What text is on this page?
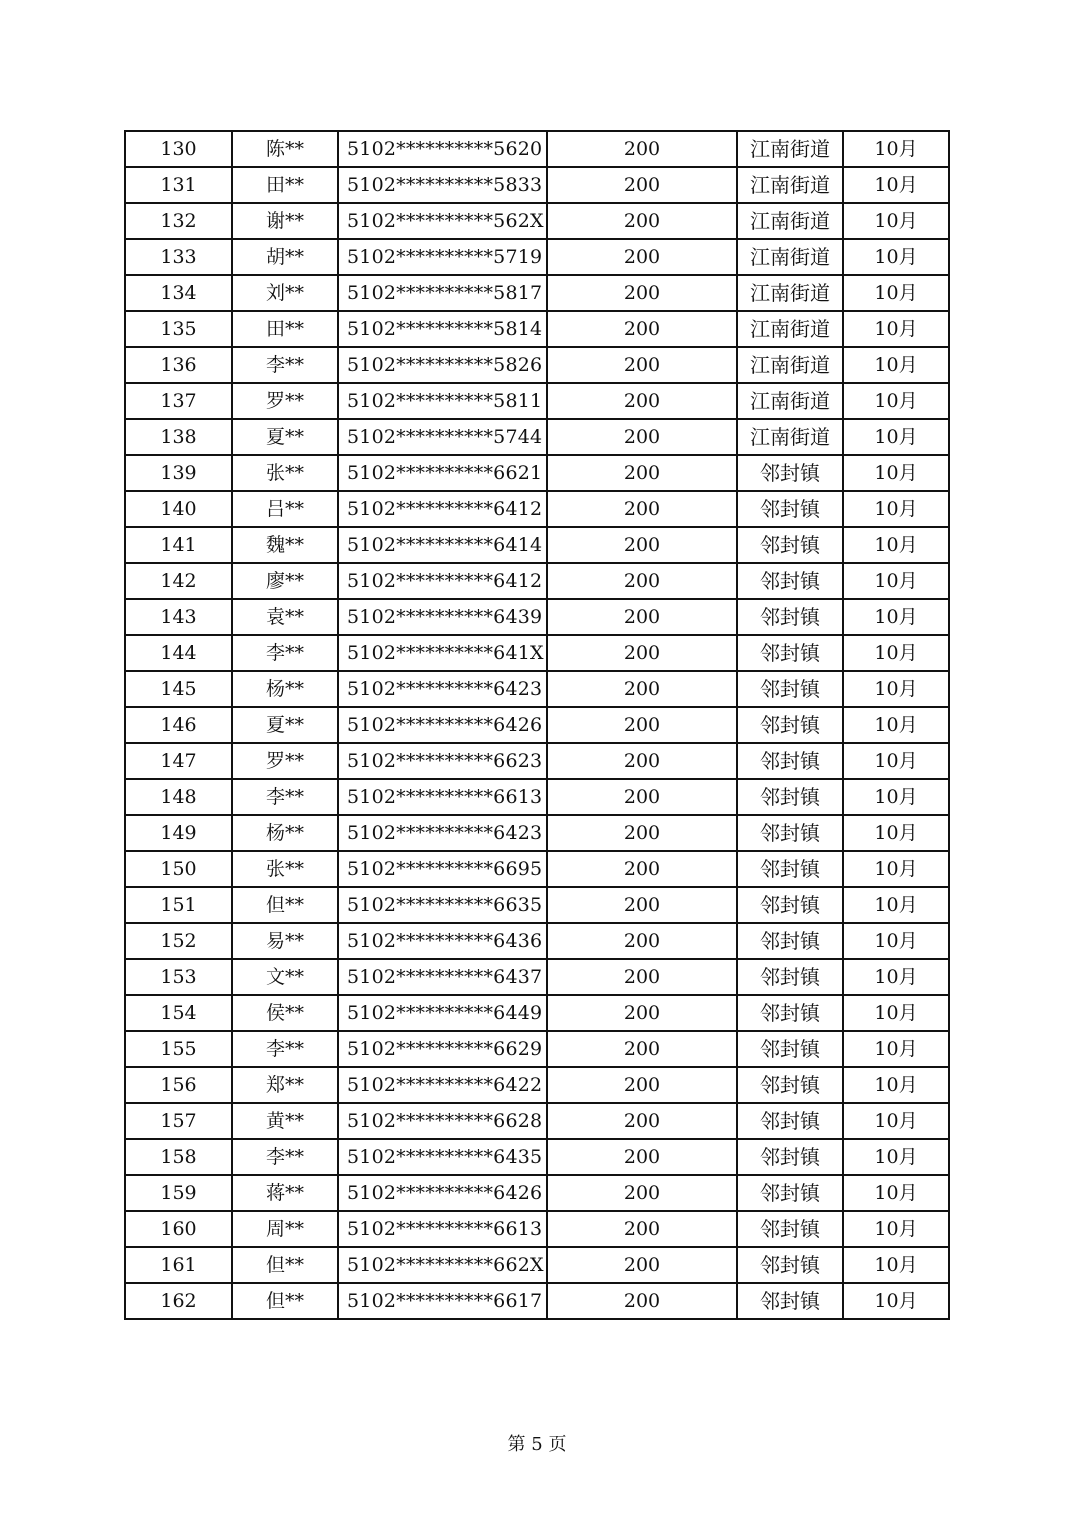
130	陈**	5102**********5620	200	江南街道	10月
131	田**	5102**********5833	200	江南街道	10月
132	谢**	5102**********562X	200	江南街道	10月
133	胡**	5102**********5719	200	江南街道	10月
134	刘**	5102**********5817	200	江南街道	10月
135	田**	5102**********5814	200	江南街道	10月
136	李**	5102**********5826	200	江南街道	10月
137	罗**	5102**********5811	200	江南街道	10月
138	夏**	5102**********5744	200	江南街道	10月
139	张**	5102**********6621	200	邻封镇	10月
140	吕**	5102**********6412	200	邻封镇	10月
141	魏**	5102**********6414	200	邻封镇	10月
142	廖**	5102**********6412	200	邻封镇	10月
143	袁**	5102**********6439	200	邻封镇	10月
144	李**	5102**********641X	200	邻封镇	10月
145	杨**	5102**********6423	200	邻封镇	10月
146	夏**	5102**********6426	200	邻封镇	10月
147	罗**	5102**********6623	200	邻封镇	10月
148	李**	5102**********6613	200	邻封镇	10月
149	杨**	5102**********6423	200	邻封镇	10月
150	张**	5102**********6695	200	邻封镇	10月
151	但**	5102**********6635	200	邻封镇	10月
152	易**	5102**********6436	200	邻封镇	10月
153	文**	5102**********6437	200	邻封镇	10月
154	侯**	5102**********6449	200	邻封镇	10月
155	李**	5102**********6629	200	邻封镇	10月
156	郑**	5102**********6422	200	邻封镇	10月
157	黄**	5102**********6628	200	邻封镇	10月
158	李**	5102**********6435	200	邻封镇	10月
159	蒋**	5102**********6426	200	邻封镇	10月
160	周**	5102**********6613	200	邻封镇	10月
161	但**	5102**********662X	200	邻封镇	10月
162	但**	5102**********6617	200	邻封镇	10月
第 5 页
